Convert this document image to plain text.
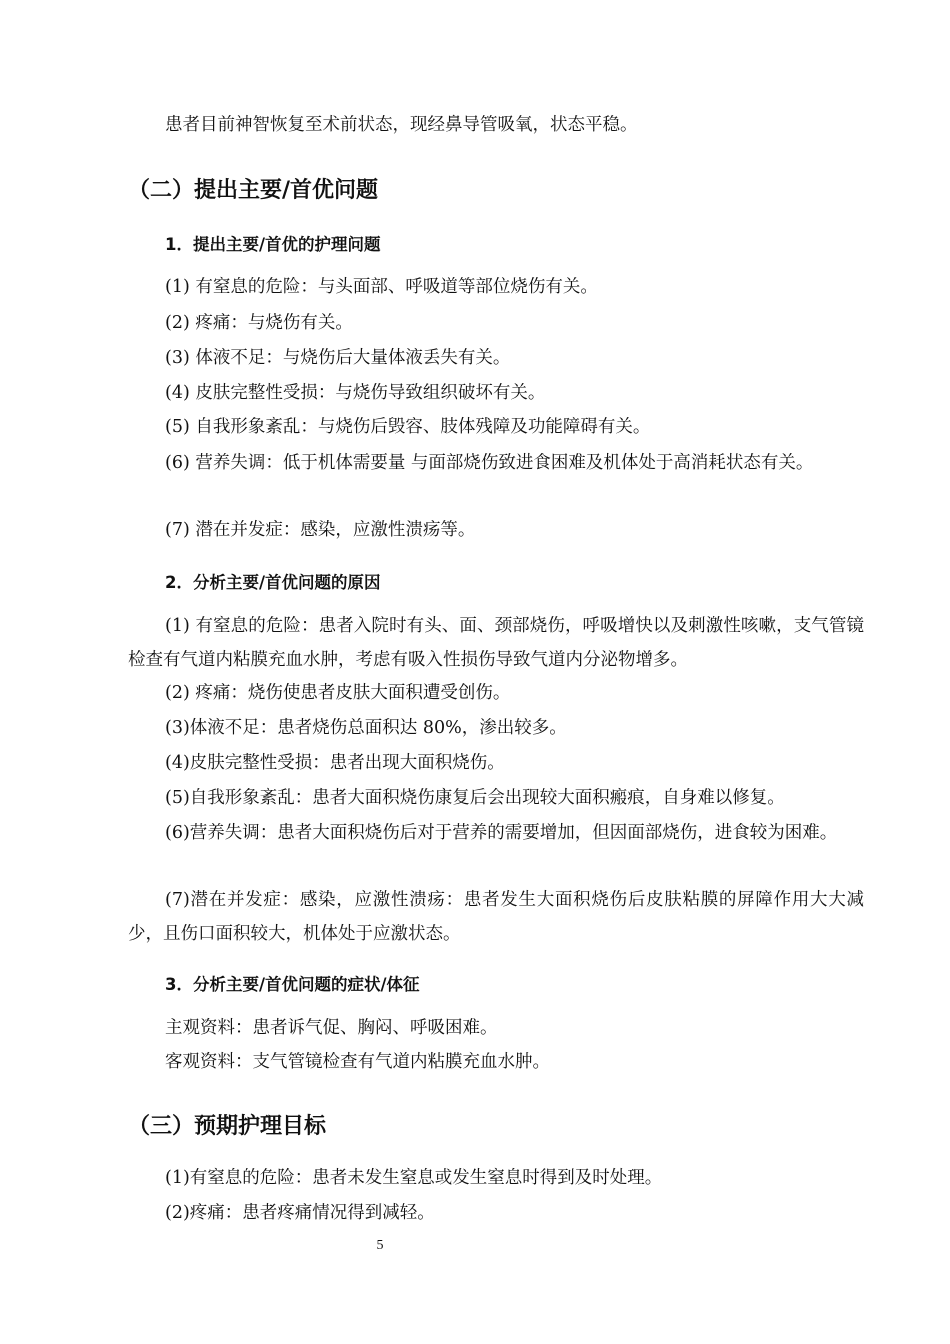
患者目前神智恢复至术前状态，现经鼻导管吸氧，状态平稳。
（二）提出主要/首优问题
1．提出主要/首优的护理问题
(1) 有窒息的危险：与头面部、呼吸道等部位烧伤有关。
(2) 疼痛：与烧伤有关。
(3) 体液不足：与烧伤后大量体液丢失有关。
(4) 皮肤完整性受损：与烧伤导致组织破坏有关。
(5) 自我形象紊乱：与烧伤后毁容、肢体残障及功能障碍有关。
(6) 营养失调：低于机体需要量 与面部烧伤致进食困难及机体处于高消耗状态有关。
(7) 潜在并发症：感染，应激性溃疡等。
2．分析主要/首优问题的原因
(1) 有窒息的危险：患者入院时有头、面、颈部烧伤，呼吸增快以及刺激性咳嗽，支气管镜检查有气道内粘膜充血水肿，考虑有吸入性损伤导致气道内分泌物增多。
(2) 疼痛：烧伤使患者皮肤大面积遭受创伤。
(3)体液不足：患者烧伤总面积达 80%，渗出较多。
(4)皮肤完整性受损：患者出现大面积烧伤。
(5)自我形象紊乱：患者大面积烧伤康复后会出现较大面积瘢痕，自身难以修复。
(6)营养失调：患者大面积烧伤后对于营养的需要增加，但因面部烧伤，进食较为困难。
(7)潜在并发症：感染，应激性溃疡：患者发生大面积烧伤后皮肤粘膜的屏障作用大大减少，且伤口面积较大，机体处于应激状态。
3．分析主要/首优问题的症状/体征
主观资料：患者诉气促、胸闷、呼吸困难。
客观资料：支气管镜检查有气道内粘膜充血水肿。
（三）预期护理目标
(1)有窒息的危险：患者未发生窒息或发生窒息时得到及时处理。
(2)疼痛：患者疼痛情况得到减轻。
5
